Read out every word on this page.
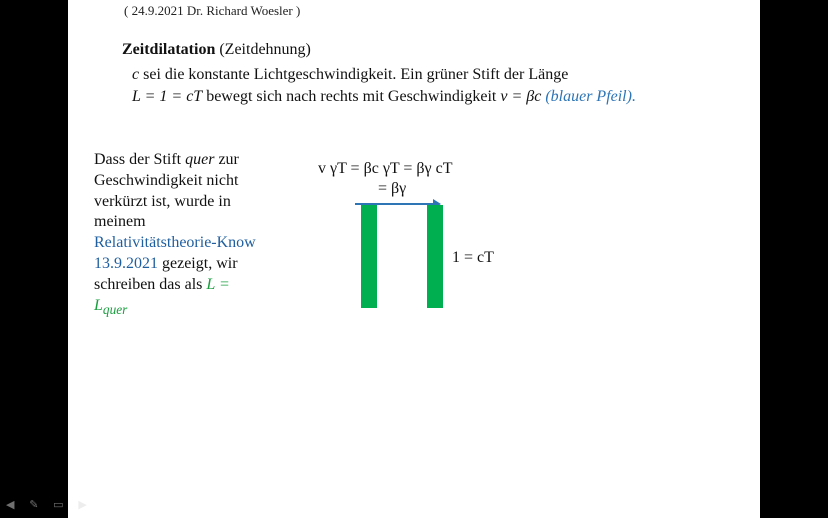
( 24.9.2021 Dr. Richard Woesler )
Zeitdilatation (Zeitdehnung)
c sei die konstante Lichtgeschwindigkeit. Ein grüner Stift der Länge
L = 1 = cT bewegt sich nach rechts mit Geschwindigkeit v = βc (blauer Pfeil).
Dass der Stift quer zur Geschwindigkeit nicht verkürzt ist, wurde in meinem Relativitätstheorie-Know 13.9.2021 gezeigt, wir schreiben das als $L = L_{quer}$
v γT = βc γT = βγ cT
= βγ
1 = cT
◀ ✎ ▭ ▶
